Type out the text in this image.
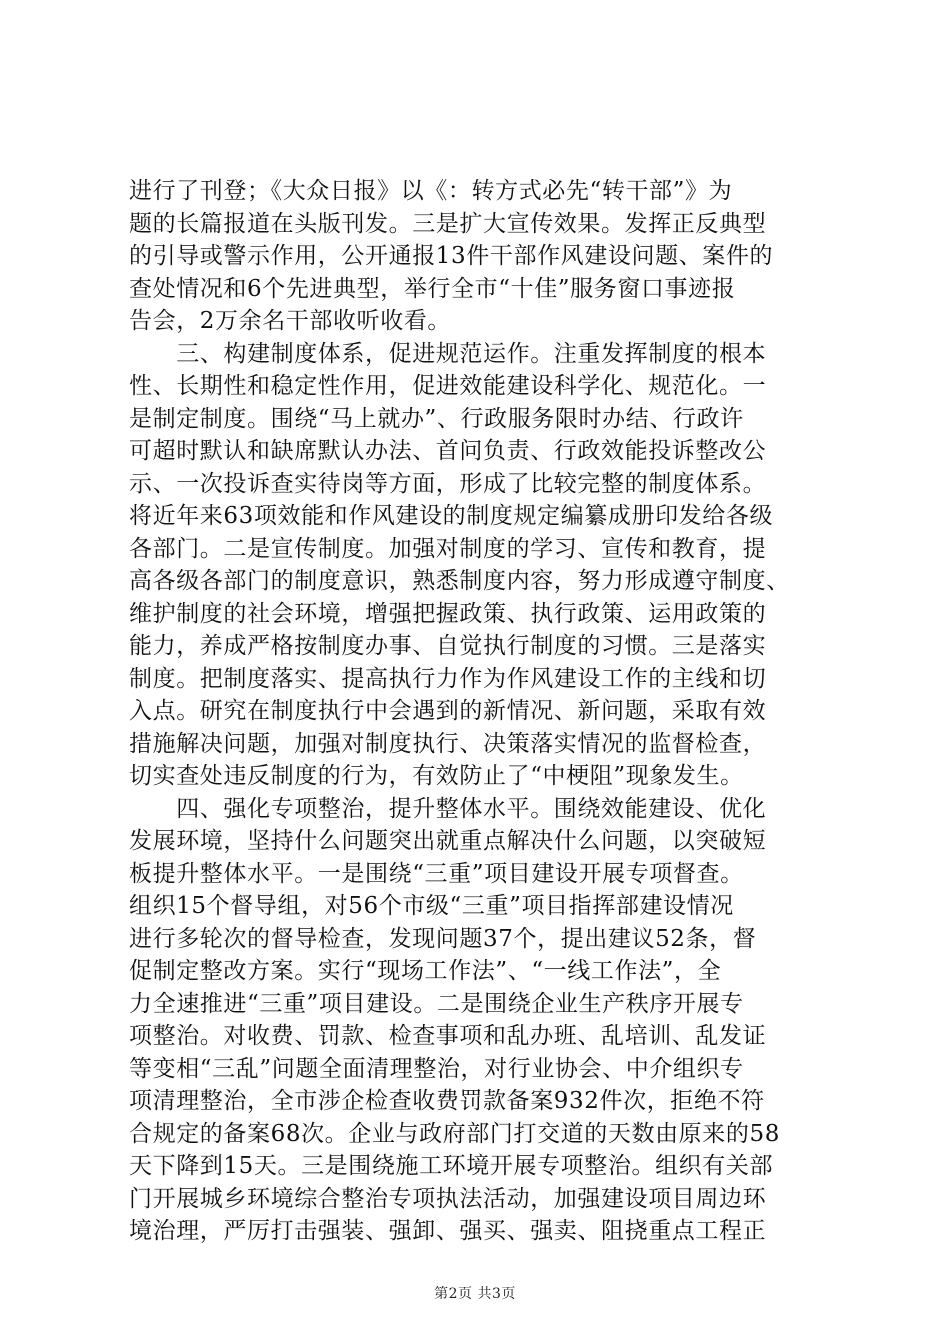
进行了刊登；《大众日报》以《：转方式必先“转干部”》为
题的长篇报道在头版刊发。三是扩大宣传效果。发挥正反典型
的引导或警示作用，公开通报13件干部作风建设问题、案件的
查处情况和6个先进典型，举行全市“十佳”服务窗口事迹报
告会，2万余名干部收听收看。
　　三、构建制度体系，促进规范运作。注重发挥制度的根本
性、长期性和稳定性作用，促进效能建设科学化、规范化。一
是制定制度。围绕“马上就办”、行政服务限时办结、行政许
可超时默认和缺席默认办法、首问负责、行政效能投诉整改公
示、一次投诉查实待岗等方面，形成了比较完整的制度体系。
将近年来63项效能和作风建设的制度规定编纂成册印发给各级
各部门。二是宣传制度。加强对制度的学习、宣传和教育，提
高各级各部门的制度意识，熟悉制度内容，努力形成遵守制度、
维护制度的社会环境，增强把握政策、执行政策、运用政策的
能力，养成严格按制度办事、自觉执行制度的习惯。三是落实
制度。把制度落实、提高执行力作为作风建设工作的主线和切
入点。研究在制度执行中会遇到的新情况、新问题，采取有效
措施解决问题，加强对制度执行、决策落实情况的监督检查，
切实查处违反制度的行为，有效防止了“中梗阻”现象发生。
　　四、强化专项整治，提升整体水平。围绕效能建设、优化
发展环境，坚持什么问题突出就重点解决什么问题，以突破短
板提升整体水平。一是围绕“三重”项目建设开展专项督查。
组织15个督导组，对56个市级“三重”项目指挥部建设情况
进行多轮次的督导检查，发现问题37个，提出建议52条，督
促制定整改方案。实行“现场工作法”、“一线工作法”，全
力全速推进“三重”项目建设。二是围绕企业生产秩序开展专
项整治。对收费、罚款、检查事项和乱办班、乱培训、乱发证
等变相“三乱”问题全面清理整治，对行业协会、中介组织专
项清理整治，全市涉企检查收费罚款备案932件次，拒绝不符
合规定的备案68次。企业与政府部门打交道的天数由原来的58
天下降到15天。三是围绕施工环境开展专项整治。组织有关部
门开展城乡环境综合整治专项执法活动，加强建设项目周边环
境治理，严厉打击强装、强卸、强买、强卖、阻挠重点工程正
第2页 共3页
